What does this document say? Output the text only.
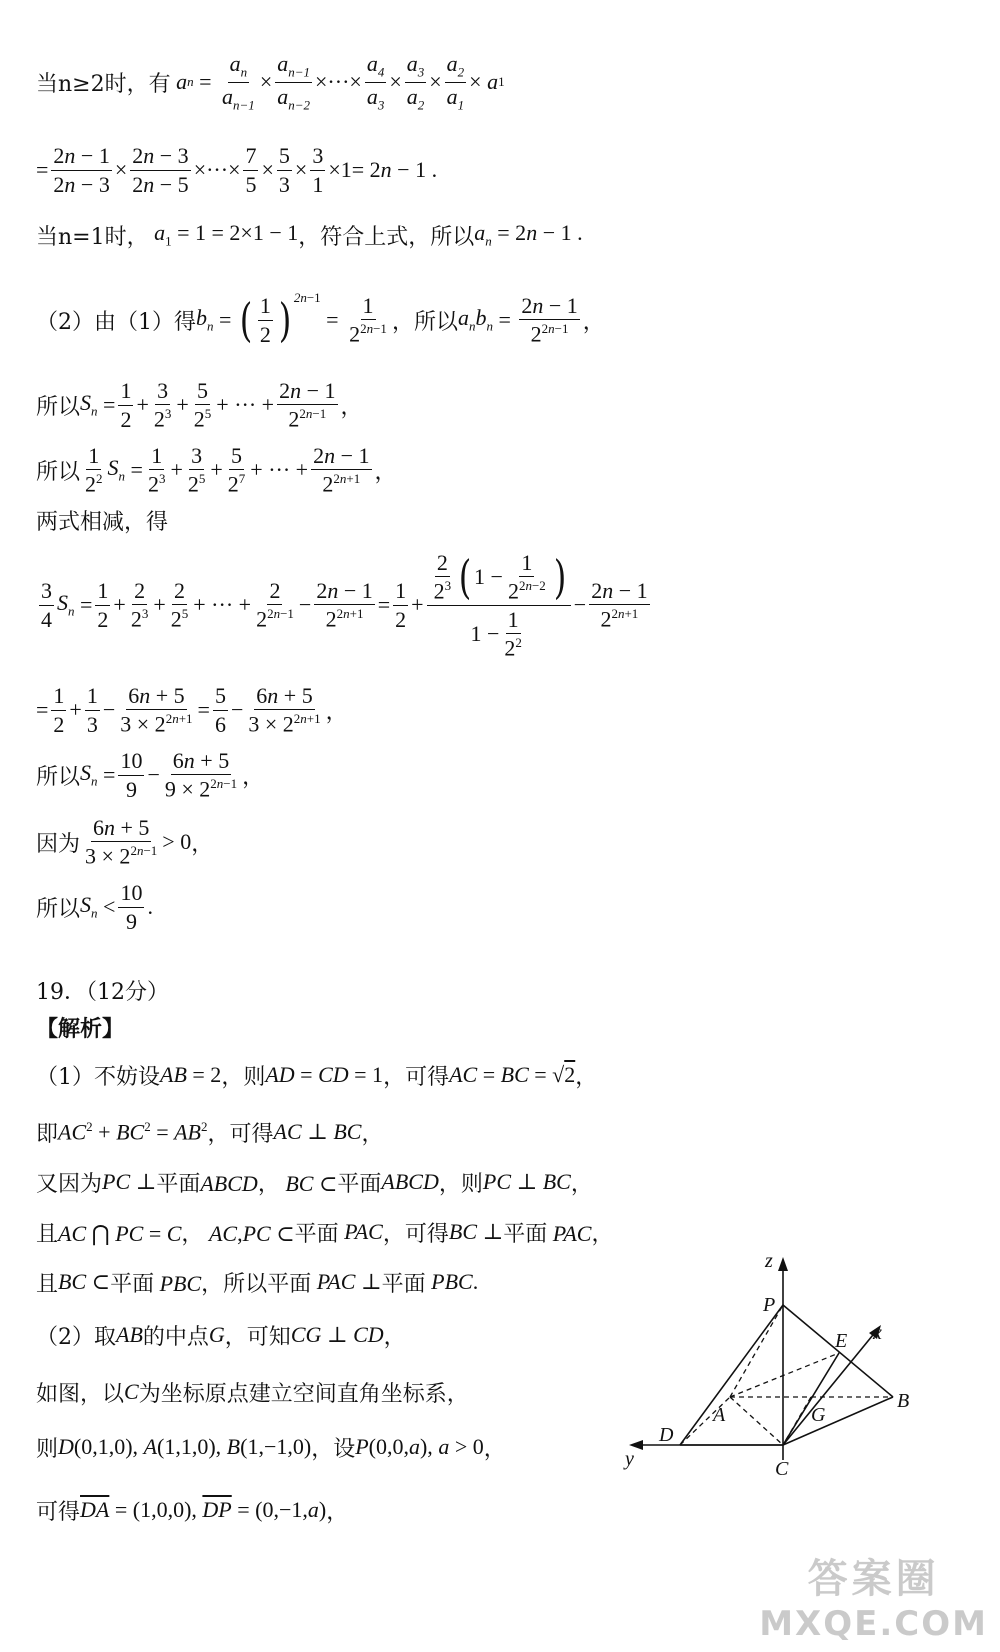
当n≥2时，有 a $n = \frac{a_n}{a_{n-1}} \times \frac{a_{n-1}}{a_{n-2}}$ ×···× $\frac{a_4}{a_3} \times \frac{a_3}{a_2} \times \frac{a_2}{a_1} \times a$ 1
= $\frac{2n - 1}{2n - 3} \times \frac{2n - 3}{2n - 5}$ ×···× $\frac{7}{5} \times \frac{5}{3} \times \frac{3}{1} \times 1= 2n - 1$ .
当n=1时， $a_1 = 1 = 2\times 1 - 1$ ，符合上式，所以 $a_n = 2n - 1$ .
（2）由（1）得 $b_n$ = ( $\frac{1}{2}$ ) $^{2n-1}$
= $\frac{1}{2^{2n-1}}$ ，所以 $a_nb_n = \frac{2n - 1}{2^{2n-1}}$ ，
所以 $S_n = \frac{1}{2} + \frac{3}{2^3} + \frac{5}{2^5}$ + ··· + $\frac{2n - 1}{2^{2n-1}}$ ，
所以 $\frac{1}{2^2} S_n = \frac{1}{2^3} + \frac{3}{2^5} + \frac{5}{2^7}$ + ··· + $\frac{2n - 1}{2^{2n+1}}$ ，
两式相减，得
$\frac{3}{4} S_n = \frac{1}{2} + \frac{2}{2^3} + \frac{2}{2^5}$ + ··· + $\frac{2}{2^{2n-1}} - \frac{2n - 1}{2^{2n+1}} = \frac{1}{2} + \frac{\frac{2}{2^3} ( 1 - \frac{1}{2^{2n-2}} )}{1 - \frac{1}{2^2}} - \frac{2n - 1}{2^{2n+1}}$
= $\frac{1}{2} + \frac{1}{3} - \frac{6n + 5}{3 \times 2^{2n+1}} = \frac{5}{6} - \frac{6n + 5}{3 \times 2^{2n+1}}$ ，
所以 $S_n = \frac{10}{9} - \frac{6n + 5}{9 \times 2^{2n-1}}$ ，
因为 $\frac{6n + 5}{3 \times 2^{2n-1}} > 0$ ，
所以 $S_n < \frac{10}{9}$ .
19．（12分）
【解析】
（1）不妨设 AB = 2 ，则 AD = CD = 1 ，可得 AC = BC = √2 ，
即 $AC^2 + BC^2 = AB^2$ ，可得 AC ⊥ BC ，
又因为 PC ⊥ 平面 ABCD， BC ⊂ 平面 ABCD ，则 PC ⊥ BC ，
且 AC ⋂ PC = C， AC,PC ⊂ 平面 PAC ，可得 BC ⊥ 平面 PAC，
且 BC ⊂ 平面 PBC， 所以 平面 PAC ⊥ 平面 PBC.
（2）取 AB 的中点 G ，可知 CG ⊥ CD ，
如图，以 C 为坐标原点建立空间直角坐标系，
则 D(0,1,0), A(1,1,0), B(1,−1,0) ，设 P(0,0,a), a > 0 ，
可得 $\overline{DA} = (1,0,0)$, $\overline{DP} = (0,-1,a)$ ，
z
P
E x
A	G
B
D
C
y
答案圈
MXQE.COM
